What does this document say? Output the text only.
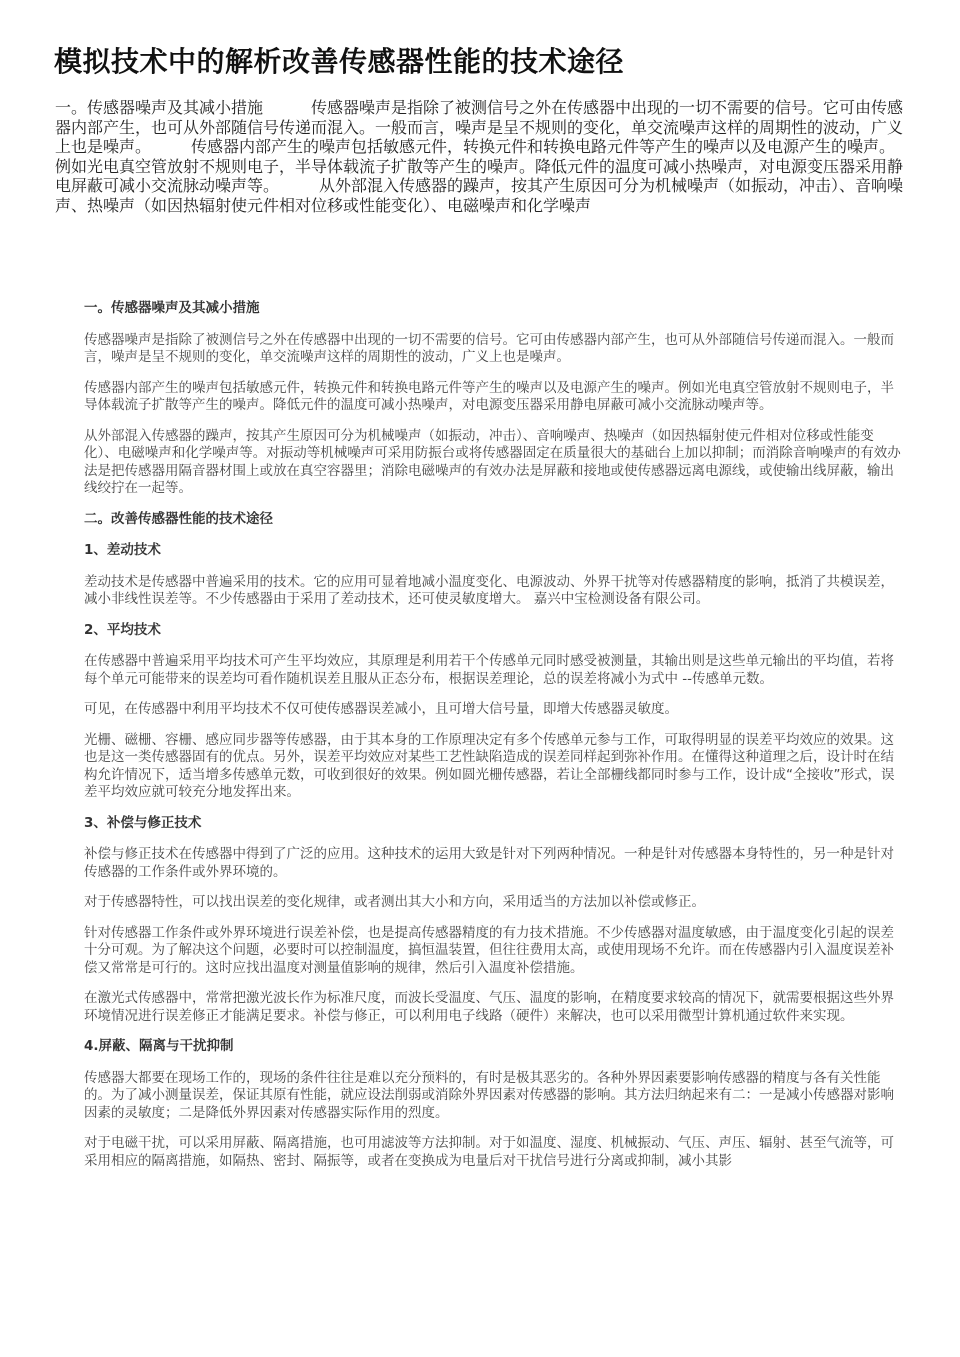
模拟技术中的解析改善传感器性能的技术途径

一。传感器噪声及其减小措施　　　传感器噪声是指除了被测信号之外在传感器中出现的一切不需要的信号。它可由传感器内部产生，也可从外部随信号传递而混入。一般而言，噪声是呈不规则的变化，单交流噪声这样的周期性的波动，广义上也是噪声。　　　传感器内部产生的噪声包括敏感元件，转换元件和转换电路元件等产生的噪声以及电源产生的噪声。例如光电真空管放射不规则电子，半导体载流子扩散等产生的噪声。降低元件的温度可减小热噪声，对电源变压器采用静电屏蔽可减小交流脉动噪声等。　　　从外部混入传感器的躁声，按其产生原因可分为机械噪声（如振动，冲击）、音响噪声、热噪声（如因热辐射使元件相对位移或性能变化）、电磁噪声和化学噪声

一。传感器噪声及其减小措施

传感器噪声是指除了被测信号之外在传感器中出现的一切不需要的信号。它可由传感器内部产生，也可从外部随信号传递而混入。一般而言，噪声是呈不规则的变化，单交流噪声这样的周期性的波动，广义上也是噪声。

传感器内部产生的噪声包括敏感元件，转换元件和转换电路元件等产生的噪声以及电源产生的噪声。例如光电真空管放射不规则电子，半导体载流子扩散等产生的噪声。降低元件的温度可减小热噪声，对电源变压器采用静电屏蔽可减小交流脉动噪声等。

从外部混入传感器的躁声，按其产生原因可分为机械噪声（如振动，冲击）、音响噪声、热噪声（如因热辐射使元件相对位移或性能变化）、电磁噪声和化学噪声等。对振动等机械噪声可采用防振台或将传感器固定在质量很大的基础台上加以抑制；而消除音响噪声的有效办法是把传感器用隔音器材围上或放在真空容器里；消除电磁噪声的有效办法是屏蔽和接地或使传感器远离电源线，或使输出线屏蔽，输出线绞拧在一起等。

二。改善传感器性能的技术途径
1、差动技术

差动技术是传感器中普遍采用的技术。它的应用可显着地减小温度变化、电源波动、外界干扰等对传感器精度的影响，抵消了共模误差，减小非线性误差等。不少传感器由于采用了差动技术，还可使灵敏度增大。 嘉兴中宝检测设备有限公司。

2、平均技术

在传感器中普遍采用平均技术可产生平均效应，其原理是利用若干个传感单元同时感受被测量，其输出则是这些单元输出的平均值，若将每个单元可能带来的误差均可看作随机误差且服从正态分布，根据误差理论，总的误差将减小为式中 --传感单元数。

可见，在传感器中利用平均技术不仅可使传感器误差减小，且可增大信号量，即增大传感器灵敏度。

光栅、磁栅、容栅、感应同步器等传感器，由于其本身的工作原理决定有多个传感单元参与工作，可取得明显的误差平均效应的效果。这也是这一类传感器固有的优点。另外，误差平均效应对某些工艺性缺陷造成的误差同样起到弥补作用。在懂得这种道理之后，设计时在结构允许情况下，适当增多传感单元数，可收到很好的效果。例如圆光栅传感器，若让全部栅线都同时参与工作，设计成“全接收”形式，误差平均效应就可较充分地发挥出来。

3、补偿与修正技术

补偿与修正技术在传感器中得到了广泛的应用。这种技术的运用大致是针对下列两种情况。一种是针对传感器本身特性的，另一种是针对传感器的工作条件或外界环境的。

对于传感器特性，可以找出误差的变化规律，或者测出其大小和方向，采用适当的方法加以补偿或修正。

针对传感器工作条件或外界环境进行误差补偿，也是提高传感器精度的有力技术措施。不少传感器对温度敏感，由于温度变化引起的误差十分可观。为了解决这个问题，必要时可以控制温度，搞恒温装置，但往往费用太高，或使用现场不允许。而在传感器内引入温度误差补偿又常常是可行的。这时应找出温度对测量值影响的规律，然后引入温度补偿措施。

在激光式传感器中，常常把激光波长作为标准尺度，而波长受温度、气压、温度的影响，在精度要求较高的情况下，就需要根据这些外界环境情况进行误差修正才能满足要求。补偿与修正，可以利用电子线路（硬件）来解决，也可以采用微型计算机通过软件来实现。

4.屏蔽、隔离与干扰抑制

传感器大都要在现场工作的，现场的条件往往是难以充分预料的，有时是极其恶劣的。各种外界因素要影响传感器的精度与各有关性能的。为了减小测量误差，保证其原有性能，就应设法削弱或消除外界因素对传感器的影响。其方法归纳起来有二：一是减小传感器对影响因素的灵敏度；二是降低外界因素对传感器实际作用的烈度。

对于电磁干扰，可以采用屏蔽、隔离措施，也可用滤波等方法抑制。对于如温度、湿度、机械振动、气压、声压、辐射、甚至气流等，可采用相应的隔离措施，如隔热、密封、隔振等，或者在变换成为电量后对干扰信号进行分离或抑制，减小其影
